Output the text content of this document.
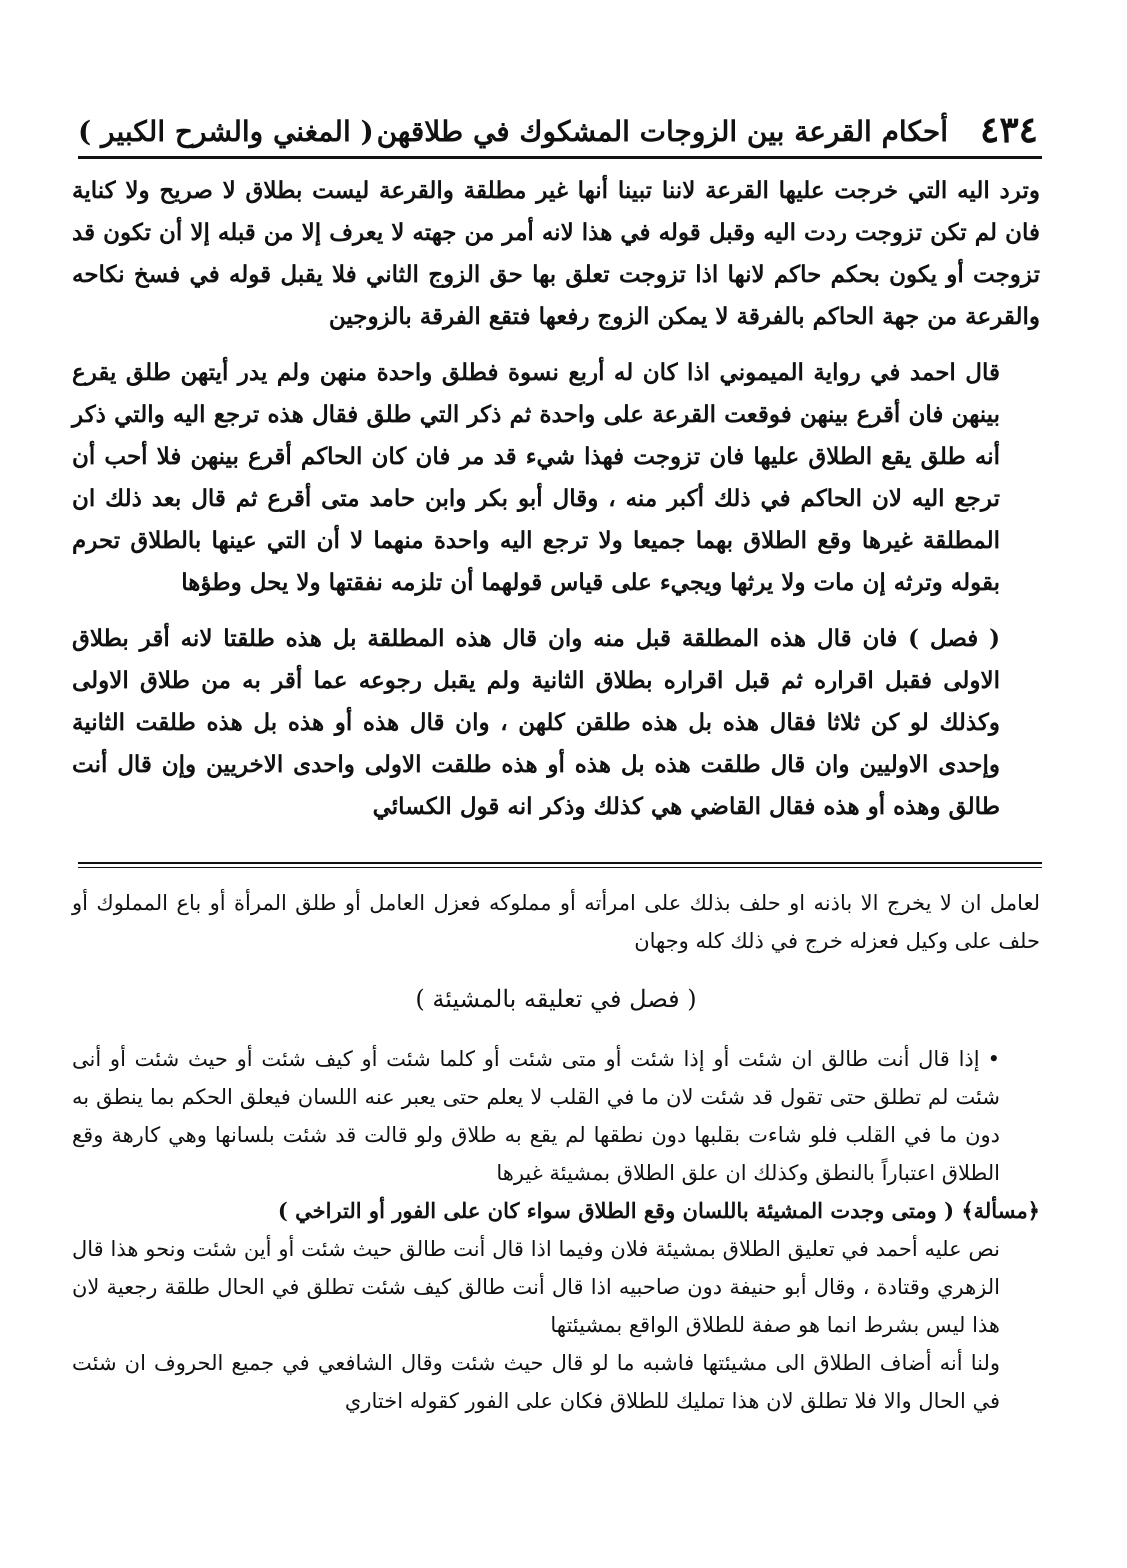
٤٣٤
أحكام القرعة بين الزوجات المشكوك في طلاقهن
( المغني والشرح الكبير )

وترد اليه التي خرجت عليها القرعة لاننا تبينا أنها غير مطلقة والقرعة ليست بطلاق لا صريح ولا كناية فان لم تكن تزوجت ردت اليه وقبل قوله في هذا لانه أمر من جهته لا يعرف إلا من قبله إلا أن تكون قد تزوجت أو يكون بحكم حاكم لانها اذا تزوجت تعلق بها حق الزوج الثاني فلا يقبل قوله في فسخ نكاحه والقرعة من جهة الحاكم بالفرقة لا يمكن الزوج رفعها فتقع الفرقة بالزوجين

قال احمد في رواية الميموني اذا كان له أربع نسوة فطلق واحدة منهن ولم يدر أيتهن طلق يقرع بينهن فان أقرع بينهن فوقعت القرعة على واحدة ثم ذكر التي طلق فقال هذه ترجع اليه والتي ذكر أنه طلق يقع الطلاق عليها فان تزوجت فهذا شيء قد مر فان كان الحاكم أقرع بينهن فلا أحب أن ترجع اليه لان الحاكم في ذلك أكبر منه ، وقال أبو بكر وابن حامد متى أقرع ثم قال بعد ذلك ان المطلقة غيرها وقع الطلاق بهما جميعا ولا ترجع اليه واحدة منهما لا أن التي عينها بالطلاق تحرم بقوله وترثه إن مات ولا يرثها ويجيء على قياس قولهما أن تلزمه نفقتها ولا يحل وطؤها

( فصل ) فان قال هذه المطلقة قبل منه وان قال هذه المطلقة بل هذه طلقتا لانه أقر بطلاق الاولى فقبل اقراره ثم قبل اقراره بطلاق الثانية ولم يقبل رجوعه عما أقر به من طلاق الاولى وكذلك لو كن ثلاثا فقال هذه بل هذه طلقن كلهن ، وان قال هذه أو هذه بل هذه طلقت الثانية وإحدى الاوليين وان قال طلقت هذه بل هذه أو هذه طلقت الاولى واحدى الاخريين وإن قال أنت طالق وهذه أو هذه فقال القاضي هي كذلك وذكر انه قول الكسائي

لعامل ان لا يخرج الا باذنه او حلف بذلك على امرأته أو مملوكه فعزل العامل أو طلق المرأة أو باع المملوك أو حلف على وكيل فعزله خرج في ذلك كله وجهان

( فصل في تعليقه بالمشيئة )

•إذا قال أنت طالق ان شئت أو إذا شئت أو متى شئت أو كلما شئت أو كيف شئت أو حيث شئت أو أنى شئت لم تطلق حتى تقول قد شئت لان ما في القلب لا يعلم حتى يعبر عنه اللسان فيعلق الحكم بما ينطق به دون ما في القلب فلو شاءت بقلبها دون نطقها لم يقع به طلاق ولو قالت قد شئت بلسانها وهي كارهة وقع الطلاق اعتباراً بالنطق وكذلك ان علق الطلاق بمشيئة غيرها

﴿مسألة﴾ ( ومتى وجدت المشيئة باللسان وقع الطلاق سواء كان على الفور أو التراخي )

نص عليه أحمد في تعليق الطلاق بمشيئة فلان وفيما اذا قال أنت طالق حيث شئت أو أين شئت ونحو هذا قال الزهري وقتادة ، وقال أبو حنيفة دون صاحبيه اذا قال أنت طالق كيف شئت تطلق في الحال طلقة رجعية لان هذا ليس بشرط انما هو صفة للطلاق الواقع بمشيئتها

ولنا أنه أضاف الطلاق الى مشيئتها فاشبه ما لو قال حيث شئت وقال الشافعي في جميع الحروف ان شئت في الحال والا فلا تطلق لان هذا تمليك للطلاق فكان على الفور كقوله اختاري
